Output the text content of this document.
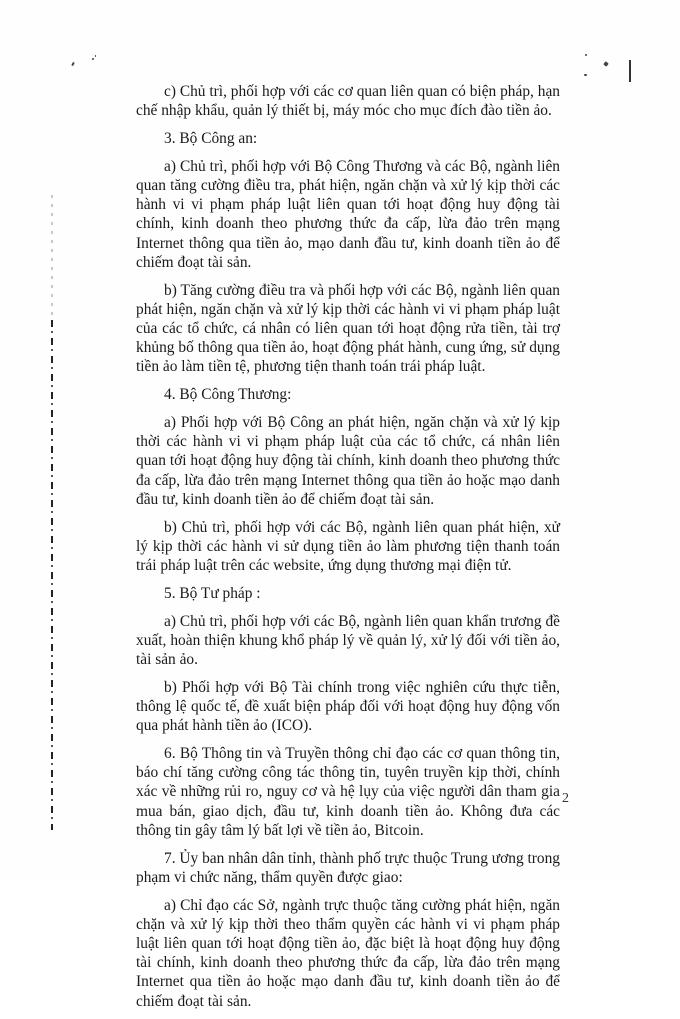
c) Chủ trì, phối hợp với các cơ quan liên quan có biện pháp, hạn chế nhập khẩu, quản lý thiết bị, máy móc cho mục đích đào tiền ảo.

3. Bộ Công an:

a) Chủ trì, phối hợp với Bộ Công Thương và các Bộ, ngành liên quan tăng cường điều tra, phát hiện, ngăn chặn và xử lý kịp thời các hành vi vi phạm pháp luật liên quan tới hoạt động huy động tài chính, kinh doanh theo phương thức đa cấp, lừa đảo trên mạng Internet thông qua tiền ảo, mạo danh đầu tư, kinh doanh tiền ảo để chiếm đoạt tài sản.

b) Tăng cường điều tra và phối hợp với các Bộ, ngành liên quan phát hiện, ngăn chặn và xử lý kịp thời các hành vi vi phạm pháp luật của các tổ chức, cá nhân có liên quan tới hoạt động rửa tiền, tài trợ khủng bố thông qua tiền ảo, hoạt động phát hành, cung ứng, sử dụng tiền ảo làm tiền tệ, phương tiện thanh toán trái pháp luật.

4. Bộ Công Thương:

a) Phối hợp với Bộ Công an phát hiện, ngăn chặn và xử lý kịp thời các hành vi vi phạm pháp luật của các tổ chức, cá nhân liên quan tới hoạt động huy động tài chính, kinh doanh theo phương thức đa cấp, lừa đảo trên mạng Internet thông qua tiền ảo hoặc mạo danh đầu tư, kinh doanh tiền ảo để chiếm đoạt tài sản.

b) Chủ trì, phối hợp với các Bộ, ngành liên quan phát hiện, xử lý kịp thời các hành vi sử dụng tiền ảo làm phương tiện thanh toán trái pháp luật trên các website, ứng dụng thương mại điện tử.

5. Bộ Tư pháp :

a) Chủ trì, phối hợp với các Bộ, ngành liên quan khẩn trương đề xuất, hoàn thiện khung khổ pháp lý về quản lý, xử lý đối với tiền ảo, tài sản ảo.

b) Phối hợp với Bộ Tài chính trong việc nghiên cứu thực tiễn, thông lệ quốc tế, đề xuất biện pháp đối với hoạt động huy động vốn qua phát hành tiền ảo (ICO).

6. Bộ Thông tin và Truyền thông chỉ đạo các cơ quan thông tin, báo chí tăng cường công tác thông tin, tuyên truyền kịp thời, chính xác về những rủi ro, nguy cơ và hệ lụy của việc người dân tham gia mua bán, giao dịch, đầu tư, kinh doanh tiền ảo. Không đưa các thông tin gây tâm lý bất lợi về tiền ảo, Bitcoin.

7. Ủy ban nhân dân tỉnh, thành phố trực thuộc Trung ương trong phạm vi chức năng, thẩm quyền được giao:

a) Chỉ đạo các Sở, ngành trực thuộc tăng cường phát hiện, ngăn chặn và xử lý kịp thời theo thẩm quyền các hành vi vi phạm pháp luật liên quan tới hoạt động tiền ảo, đặc biệt là hoạt động huy động tài chính, kinh doanh theo phương thức đa cấp, lừa đảo trên mạng Internet qua tiền ảo hoặc mạo danh đầu tư, kinh doanh tiền ảo để chiếm đoạt tài sản.

2
